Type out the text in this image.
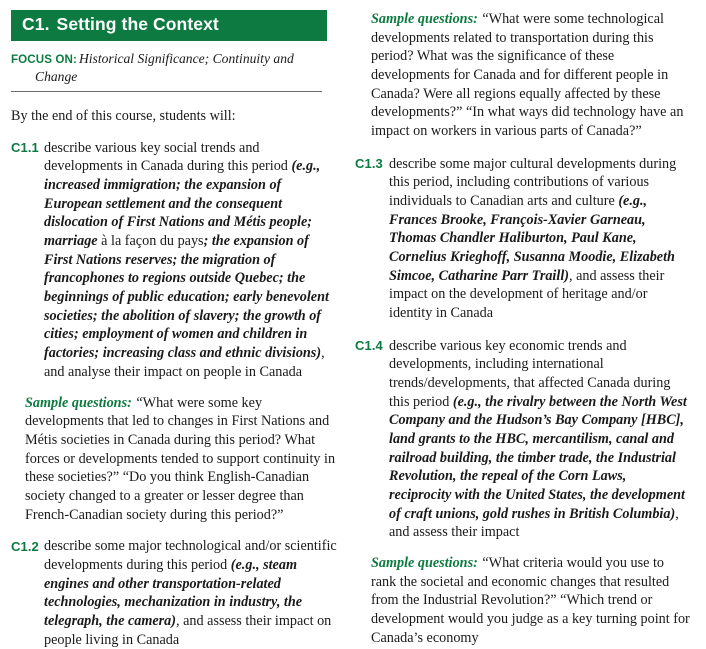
C1. Setting the Context
FOCUS ON: Historical Significance; Continuity and Change
By the end of this course, students will:
C1.1 describe various key social trends and developments in Canada during this period (e.g., increased immigration; the expansion of European settlement and the consequent dislocation of First Nations and Métis people; marriage à la façon du pays; the expansion of First Nations reserves; the migration of francophones to regions outside Quebec; the beginnings of public education; early benevolent societies; the abolition of slavery; the growth of cities; employment of women and children in factories; increasing class and ethnic divisions), and analyse their impact on people in Canada
Sample questions: “What were some key developments that led to changes in First Nations and Métis societies in Canada during this period? What forces or developments tended to support continuity in these societies?” “Do you think English-Canadian society changed to a greater or lesser degree than French-Canadian society during this period?”
C1.2 describe some major technological and/or scientific developments during this period (e.g., steam engines and other transportation-related technologies, mechanization in industry, the telegraph, the camera), and assess their impact on people living in Canada
Sample questions: “What were some technological developments related to transportation during this period? What was the significance of these developments for Canada and for different people in Canada? Were all regions equally affected by these developments?” “In what ways did technology have an impact on workers in various parts of Canada?”
C1.3 describe some major cultural developments during this period, including contributions of various individuals to Canadian arts and culture (e.g., Frances Brooke, François-Xavier Garneau, Thomas Chandler Haliburton, Paul Kane, Cornelius Krieghoff, Susanna Moodie, Elizabeth Simcoe, Catharine Parr Traill), and assess their impact on the development of heritage and/or identity in Canada
C1.4 describe various key economic trends and developments, including international trends/developments, that affected Canada during this period (e.g., the rivalry between the North West Company and the Hudson’s Bay Company [HBC], land grants to the HBC, mercantilism, canal and railroad building, the timber trade, the Industrial Revolution, the repeal of the Corn Laws, reciprocity with the United States, the development of craft unions, gold rushes in British Columbia), and assess their impact
Sample questions: “What criteria would you use to rank the societal and economic changes that resulted from the Industrial Revolution?” “Which trend or development would you judge as a key turning point for Canada’s economy
